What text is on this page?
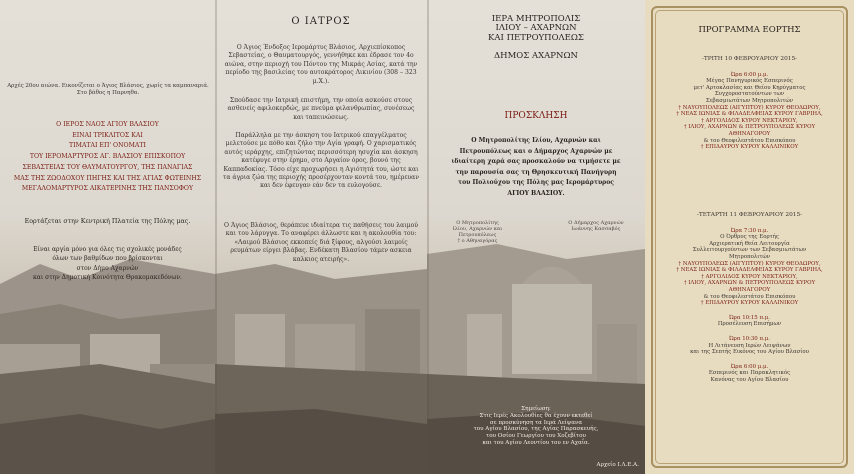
Αρχές 20ου αιώνα. Εικονίζεται ο Άγιος Βλάσιος, χωρίς τα καμπαναριά. Στο βάθος η Παρνηθα.
Ο ΙΕΡΟΣ ΝΑΟΣ ΑΓΙΟΥ ΒΛΑΣΙΟΥ
ΕΙΝΑΙ ΤΡΙΚΛΙΤΟΣ ΚΑΙ
ΤΙΜΑΤΑΙ ΕΠ' ΟΝΟΜΑΤΙ
ΤΟΥ ΙΕΡΟΜΑΡΤΥΡΟΣ ΑΓ. ΒΛΑΣΙΟΥ ΕΠΙΣΚΟΠΟΥ
ΣΕΒΑΣΤΕΙΑΣ ΤΟΥ ΘΑΥΜΑΤΟΥΡΓΟΥ, ΤΗΣ ΠΑΝΑΓΙΑΣ
ΜΑΣ ΤΗΣ ΖΩΟΔΟΧΟΥ ΠΗΓΗΣ ΚΑΙ ΤΗΣ ΑΓΙΑΣ ΦΩΤΕΙΝΗΣ
ΜΕΓΑΛΟΜΑΡΤΥΡΟΣ ΑΙΚΑΤΕΡΙΝΗΣ ΤΗΣ ΠΑΝΣΟΦΟΥ
Εορτάζεται στην Κεντρική Πλατεία της Πόλης μας.
Είναι αργία μόνο για όλες τις σχολικές μονάδες
όλων των βαθμίδων που βρίσκονται
στον Δήμο Αχαρνών
και στην Δημοτική Κοινότητα Θρακομακεδόνων.
Ο ΙΑΤΡΟΣ
Ο Άγιος Ένδοξος Ιερομάρτυς Βλάσιος, Αρχιεπίσκοπος Σεβαστείας, ο Θαυματουργός, γεννήθηκε και έδρασε τον 4ο αιώνα, στην περιοχή του Πόντου της Μικράς Ασίας, κατά την περίοδο της βασιλείας του αυτοκράτορος Λικινίου (308 – 323 μ.Χ.).
Σπούδασε την Ιατρική επιστήμη, την οποία ασκούσε στους ασθενείς αφιλοκερδώς, με πνεύμα φιλανθρωπίας, συνέσεως και ταπεινώσεως.
Παράλληλα με την άσκηση του Ιατρικού επαγγέλματος μελετούσε με πόθο και ζήλο την Αγία γραφή. Ο χαρισματικός αυτός ιεράρχης, επιζητώντας περισσότερη ησυχία και άσκηση κατέφυγε στην έρημο, στο Αργαίον όρος, βουνό της Καππαδοκίας. Τόσο είχε προχωρήσει η Αγιότητά του, ώστε και τα άγρια ζώα της περιοχής προσέρχονταν κοντά του, ημέρευαν και δεν έφευγαν εάν δεν τα ευλογούσε.
Ο Άγιος Βλάσιος, θεράπευε ιδιαίτερα τις παθήσεις του λαιμού και του λάρυγγα. Το αναφέρει άλλωστε και η ακολουθία του: «Λαιμού Βλάσιος εκκοπείς διά ξίφους, αλγούσι λαιμοίς ρευμάτων είργει βλάβας. Ενδέκατη Βλασίου τάμεν ασκεια καλκιος ατειρής».
ΙΕΡΑ ΜΗΤΡΟΠΟΛΙΣ
ΙΛΙΟΥ – ΑΧΑΡΝΩΝ
ΚΑΙ ΠΕΤΡΟΥΠΟΛΕΩΣ
ΔΗΜΟΣ ΑΧΑΡΝΩΝ
ΠΡΟΣΚΛΗΣΗ
Ο Μητροπολίτης Ιλίου, Αχαρνών και
Πετρουπόλεως και ο Δήμαρχος Αχαρνών με
ιδιαίτερη χαρά σας προσκαλούν να τιμήσετε με
την παρουσία σας τη Θρησκευτική Πανήγυρη
του Πολιούχου της Πόλης μας Ιερομάρτυρος
ΑΓΙΟΥ ΒΛΑΣΙΟΥ.
Ο Μητροπολίτης
Ιλίου, Αχαρνών και Πετρουπόλεως
† ο Αθηναγόρας
Ο Δήμαρχος Αχαρνών
Ιωάννης Κασσαβός
Σημείωση:
Στις Ιερές Ακολουθίες θα έχουν εκτεθεί
σε προσκύνηση τα Ιερά Λείψανα
του Αγίου Βλασίου, της Αγίας Παρασκευής,
του Οσίου Γεωργίου του Χοζεβίτου
και του Αγίου Λεοντίου του εν Αχαΐα.
Αρχείο Ι.Λ.Ε.Α.
ΠΡΟΓΡΑΜΜΑ ΕΟΡΤΗΣ
-ΤΡΙΤΗ 10 ΦΕΒΡΟΥΑΡΙΟΥ 2015-
Ώρα 6:00 μ.μ.
Μέγας Πανηγυρικός Εσπερινός
μετ' Αρτοκλασίας και Θείου Κηρύγματος
Συγχοροστατούντων των
Σεβασμιωτάτων Μητροπολιτών
† ΝΑΥΟΥΠΟΛΕΩΣ (ΑΙΓΥΠΤΟΥ) ΚΥΡΟΥ ΘΕΟΔΩΡΟΥ,
† ΝΕΑΣ ΙΩΝΙΑΣ & ΦΙΛΑΔΕΛΦΕΙΑΣ ΚΥΡΟΥ ΓΑΒΡΙΗΛ,
† ΑΡΓΟΛΙΔΟΣ ΚΥΡΟΥ ΝΕΚΤΑΡΙΟΥ,
† ΙΛΙΟΥ, ΑΧΑΡΝΩΝ & ΠΕΤΡΟΥΠΟΛΕΩΣ ΚΥΡΟΥ
ΑΘΗΝΑΓΟΡΟΥ
& του Θεοφιλεστάτου Επισκόπου
† ΕΠΙΔΑΥΡΟΥ ΚΥΡΟΥ ΚΑΛΛΙΝΙΚΟΥ
-ΤΕΤΑΡΤΗ 11 ΦΕΒΡΟΥΑΡΙΟΥ 2015-
Ώρα 7:30 π.μ.
Ο Όρθρος της Εορτής
Αρχιερατική Θεία Λειτουργία
Συλλειτουργούντων των Σεβασμιωτάτων
Μητροπολιτών
† ΝΑΥΟΥΠΟΛΕΩΣ (ΑΙΓΥΠΤΟΥ) ΚΥΡΟΥ ΘΕΟΔΩΡΟΥ,
† ΝΕΑΣ ΙΩΝΙΑΣ & ΦΙΛΑΔΕΛΦΕΙΑΣ ΚΥΡΟΥ ΓΑΒΡΙΗΛ,
† ΑΡΓΟΛΙΔΟΣ ΚΥΡΟΥ ΝΕΚΤΑΡΙΟΥ,
† ΙΛΙΟΥ, ΑΧΑΡΝΩΝ & ΠΕΤΡΟΥΠΟΛΕΩΣ ΚΥΡΟΥ
ΑΘΗΝΑΓΟΡΟΥ
& του Θεοφιλεστάτου Επισκόπου
† ΕΠΙΔΑΥΡΟΥ ΚΥΡΟΥ ΚΑΛΛΙΝΙΚΟΥ
Ώρα 10:15 π.μ.
Προσέλευση Επισήμων
Ώρα 10:30 π.μ.
Η Λιτάνευση Ιερών Λειψάνων
και της Σεπτής Εικόνος του Αγίου Βλασίου
Ώρα 6:00 μ.μ.
Εσπερινός και Παρακλητικός
Κανόνας του Αγίου Βλασίου
